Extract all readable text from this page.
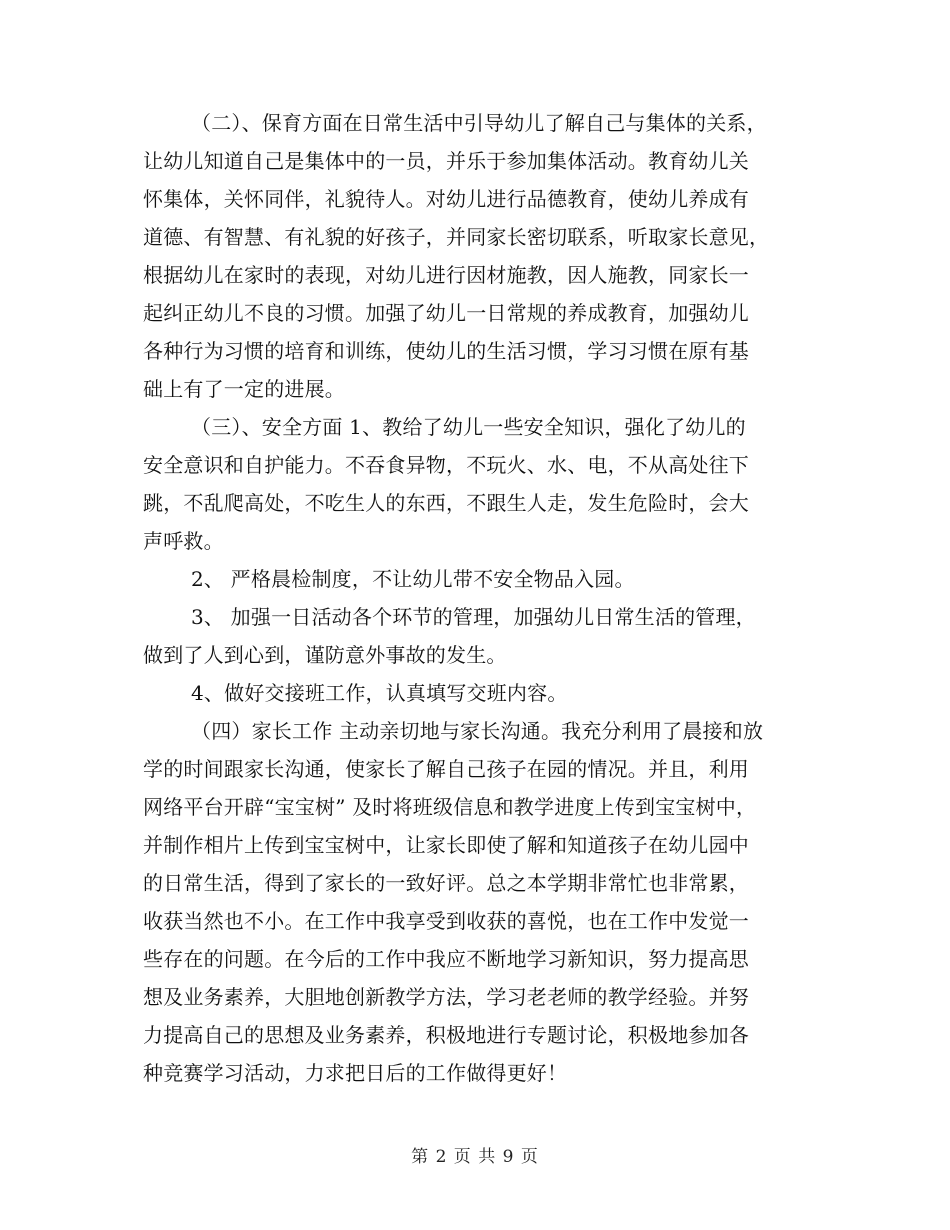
（二）、保育方面在日常生活中引导幼儿了解自己与集体的关系，
让幼儿知道自己是集体中的一员，并乐于参加集体活动。教育幼儿关
怀集体，关怀同伴，礼貌待人。对幼儿进行品德教育，使幼儿养成有
道德、有智慧、有礼貌的好孩子，并同家长密切联系，听取家长意见，
根据幼儿在家时的表现，对幼儿进行因材施教，因人施教，同家长一
起纠正幼儿不良的习惯。加强了幼儿一日常规的养成教育，加强幼儿
各种行为习惯的培育和训练，使幼儿的生活习惯，学习习惯在原有基
础上有了一定的进展。
（三）、安全方面 1、教给了幼儿一些安全知识，强化了幼儿的
安全意识和自护能力。不吞食异物，不玩火、水、电，不从高处往下
跳，不乱爬高处，不吃生人的东西，不跟生人走，发生危险时，会大
声呼救。
2、 严格晨检制度，不让幼儿带不安全物品入园。
3、 加强一日活动各个环节的管理，加强幼儿日常生活的管理，
做到了人到心到，谨防意外事故的发生。
4、做好交接班工作，认真填写交班内容。
（四）家长工作 主动亲切地与家长沟通。我充分利用了晨接和放
学的时间跟家长沟通，使家长了解自己孩子在园的情况。并且，利用
网络平台开辟“宝宝树” 及时将班级信息和教学进度上传到宝宝树中，
并制作相片上传到宝宝树中，让家长即使了解和知道孩子在幼儿园中
的日常生活，得到了家长的一致好评。总之本学期非常忙也非常累，
收获当然也不小。在工作中我享受到收获的喜悦，也在工作中发觉一
些存在的问题。在今后的工作中我应不断地学习新知识，努力提高思
想及业务素养，大胆地创新教学方法，学习老老师的教学经验。并努
力提高自己的思想及业务素养，积极地进行专题讨论，积极地参加各
种竞赛学习活动，力求把日后的工作做得更好！
第 2 页 共 9 页
